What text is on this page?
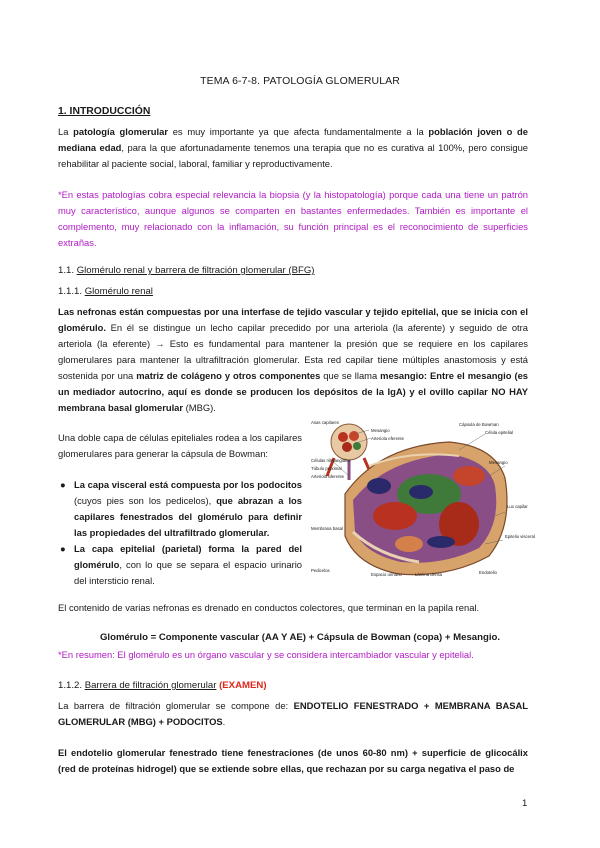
TEMA 6-7-8. PATOLOGÍA GLOMERULAR
1. INTRODUCCIÓN
La patología glomerular es muy importante ya que afecta fundamentalmente a la población joven o de mediana edad, para la que afortunadamente tenemos una terapia que no es curativa al 100%, pero consigue rehabilitar al paciente social, laboral, familiar y reproductivamente.
*En estas patologías cobra especial relevancia la biopsia (y la histopatología) porque cada una tiene un patrón muy característico, aunque algunos se comparten en bastantes enfermedades. También es importante el complemento, muy relacionado con la inflamación, su función principal es el reconocimiento de superficies extrañas.
1.1. Glomérulo renal y barrera de filtración glomerular (BFG)
1.1.1. Glomérulo renal
Las nefronas están compuestas por una interfase de tejido vascular y tejido epitelial, que se inicia con el glomérulo. En él se distingue un lecho capilar precedido por una arteriola (la aferente) y seguido de otra arteriola (la eferente) → Esto es fundamental para mantener la presión que se requiere en los capilares glomerulares para mantener la ultrafiltración glomerular. Esta red capilar tiene múltiples anastomosis y está sostenida por una matriz de colágeno y otros componentes que se llama mesangio: Entre el mesangio (es un mediador autocrino, aquí es donde se producen los depósitos de la IgA) y el ovillo capilar NO HAY membrana basal glomerular (MBG).
Una doble capa de células epiteliales rodea a los capilares glomerulares para generar la cápsula de Bowman:
● La capa visceral está compuesta por los podocitos (cuyos pies son los pedicelos), que abrazan a los capilares fenestrados del glomérulo para definir las propiedades del ultrafiltrado glomerular.
● La capa epitelial (parietal) forma la pared del glomérulo, con lo que se separa el espacio urinario del intersticio renal.
Asas capilares
Mesangio
Arteriola eferente
Células mesangiales
Túbulo proximal
Arteriola aferente
Membrana basal
Pedicelos
Espacio urinario	Lámina densa
Cápsula de Bowman
Célula epitelial
Mesangio
Lux capilar
Epitelio visceral
Endotelio
El contenido de varias nefronas es drenado en conductos colectores, que terminan en la papila renal.
Glomérulo = Componente vascular (AA Y AE) + Cápsula de Bowman (copa) + Mesangio.
*En resumen: El glomérulo es un órgano vascular y se considera intercambiador vascular y epitelial.
1.1.2. Barrera de filtración glomerular (EXAMEN)
La barrera de filtración glomerular se compone de: ENDOTELIO FENESTRADO + MEMBRANA BASAL GLOMERULAR (MBG) + PODOCITOS.
El endotelio glomerular fenestrado tiene fenestraciones (de unos 60-80 nm) + superficie de glicocálix (red de proteínas hidrogel) que se extiende sobre ellas, que rechazan por su carga negativa el paso de
1
